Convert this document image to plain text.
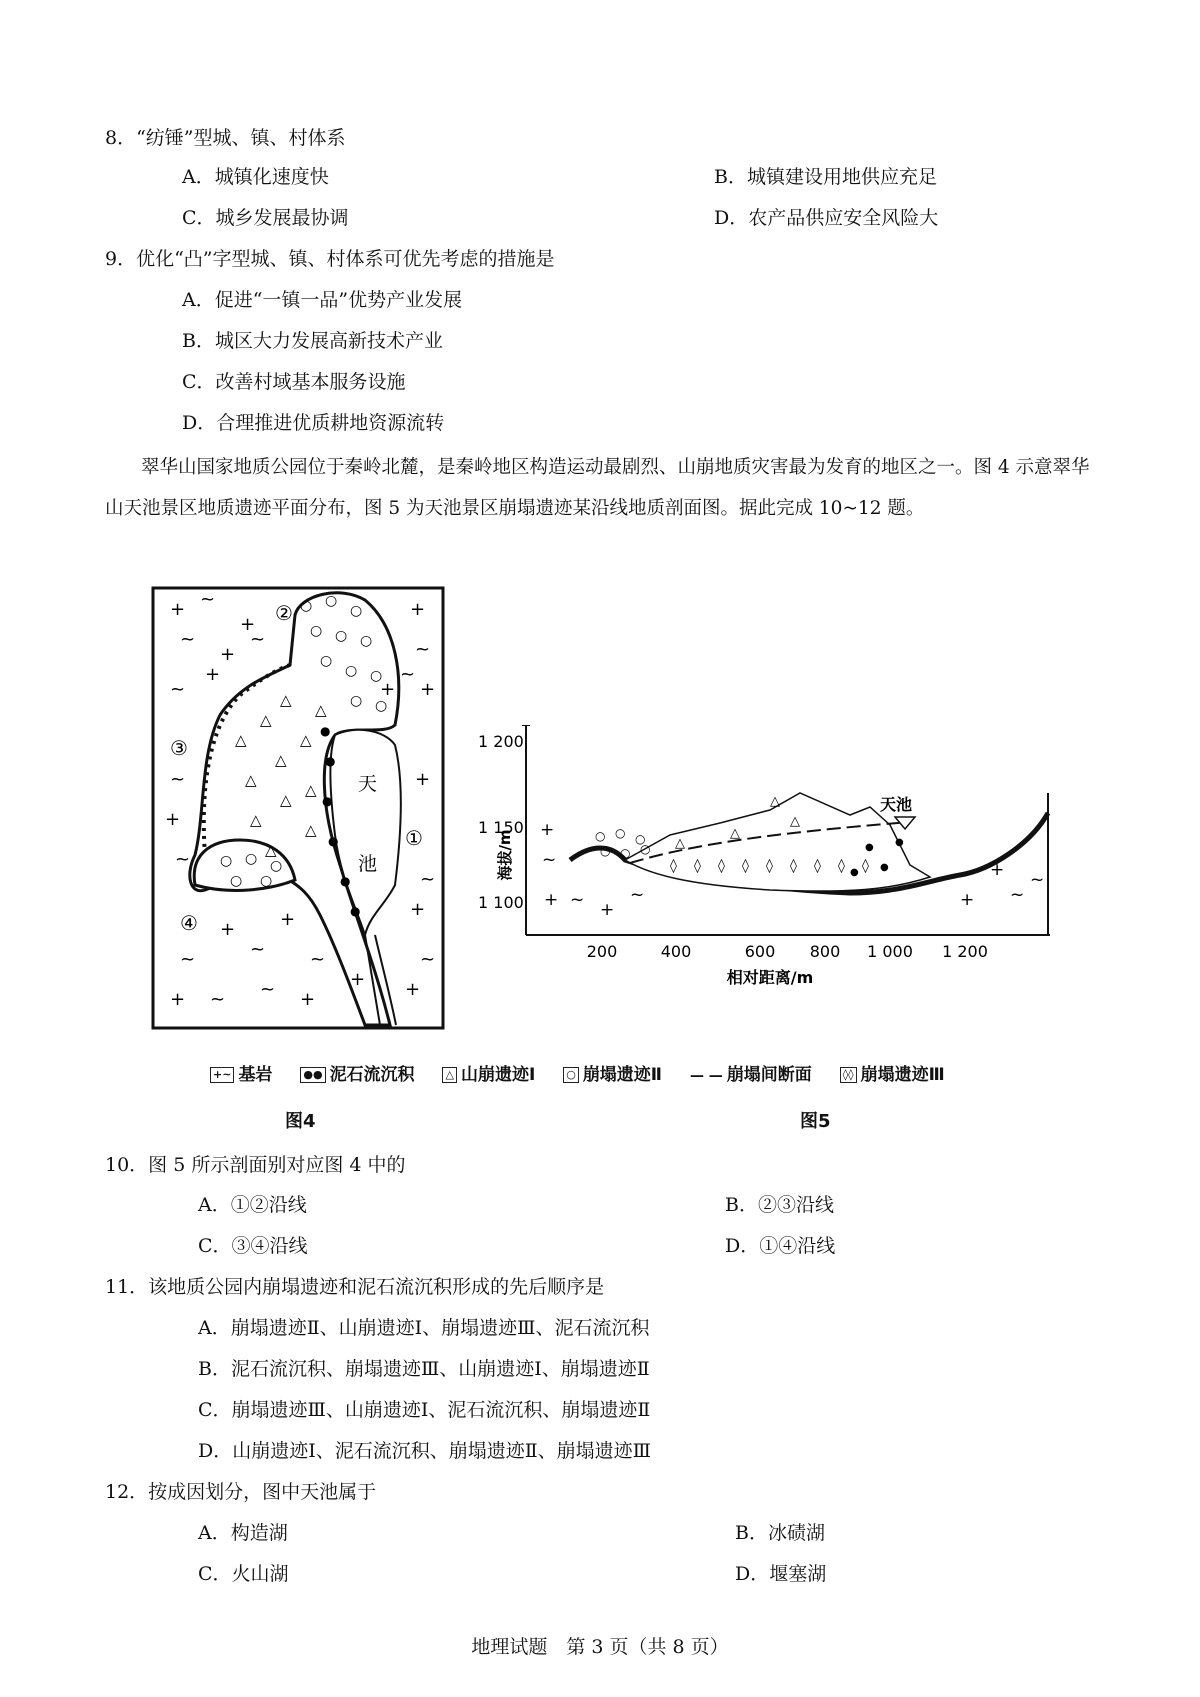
8．“纺锤”型城、镇、村体系
A．城镇化速度快	B．城镇建设用地供应充足
C．城乡发展最协调	D．农产品供应安全风险大
9．优化“凸”字型城、镇、村体系可优先考虑的措施是
A．促进“一镇一品”优势产业发展
B．城区大力发展高新技术产业
C．改善村域基本服务设施
D．合理推进优质耕地资源流转
翠华山国家地质公园位于秦岭北麓，是秦岭地区构造运动最剧烈、山崩地质灾害最为发育的地区之一。图 4 示意翠华山天池景区地质遗迹平面分布，图 5 为天池景区崩塌遗迹某沿线地质剖面图。据此完成 10~12 题。
天
池
+ ~
+
~
+
~
+
~
+
~
+
~
+
~
+
~
+
~
+
~
+
~
+
~
+
~
+	~ +
~
+
△
△
△
△
△
△
△
△
△
△
△
△
○ ○
○
○ ○ ○
○
○ ○
○ ○
○ ○ ○
○ ○
●
●
●
●
●
●
①
②
③
④
1 200
1 150
1 100
200	400	600 800 1 000 1 200
海拔/m
相对距离/m
+
~
+ ~ +
~
+
~
+
~
○ ○ ○
○ ○ ○ △
△
△
△
◊ ◊ ◊ ◊ ◊ ◊ ◊ ◊ ◊
●
●
●
●
天池
+~ 基岩	●● 泥石流沉积	△ 山崩遗迹Ⅰ	○ 崩塌遗迹Ⅱ — — 崩塌间断面	◊◊ 崩塌遗迹Ⅲ
图4	图5
10．图 5 所示剖面别对应图 4 中的
A．①②沿线	B．②③沿线
C．③④沿线	D．①④沿线
11．该地质公园内崩塌遗迹和泥石流沉积形成的先后顺序是
A．崩塌遗迹Ⅱ、山崩遗迹Ⅰ、崩塌遗迹Ⅲ、泥石流沉积
B．泥石流沉积、崩塌遗迹Ⅲ、山崩遗迹Ⅰ、崩塌遗迹Ⅱ
C．崩塌遗迹Ⅲ、山崩遗迹Ⅰ、泥石流沉积、崩塌遗迹Ⅱ
D．山崩遗迹Ⅰ、泥石流沉积、崩塌遗迹Ⅱ、崩塌遗迹Ⅲ
12．按成因划分，图中天池属于
A．构造湖	B．冰碛湖
C．火山湖	D．堰塞湖
地理试题　第 3 页（共 8 页）
